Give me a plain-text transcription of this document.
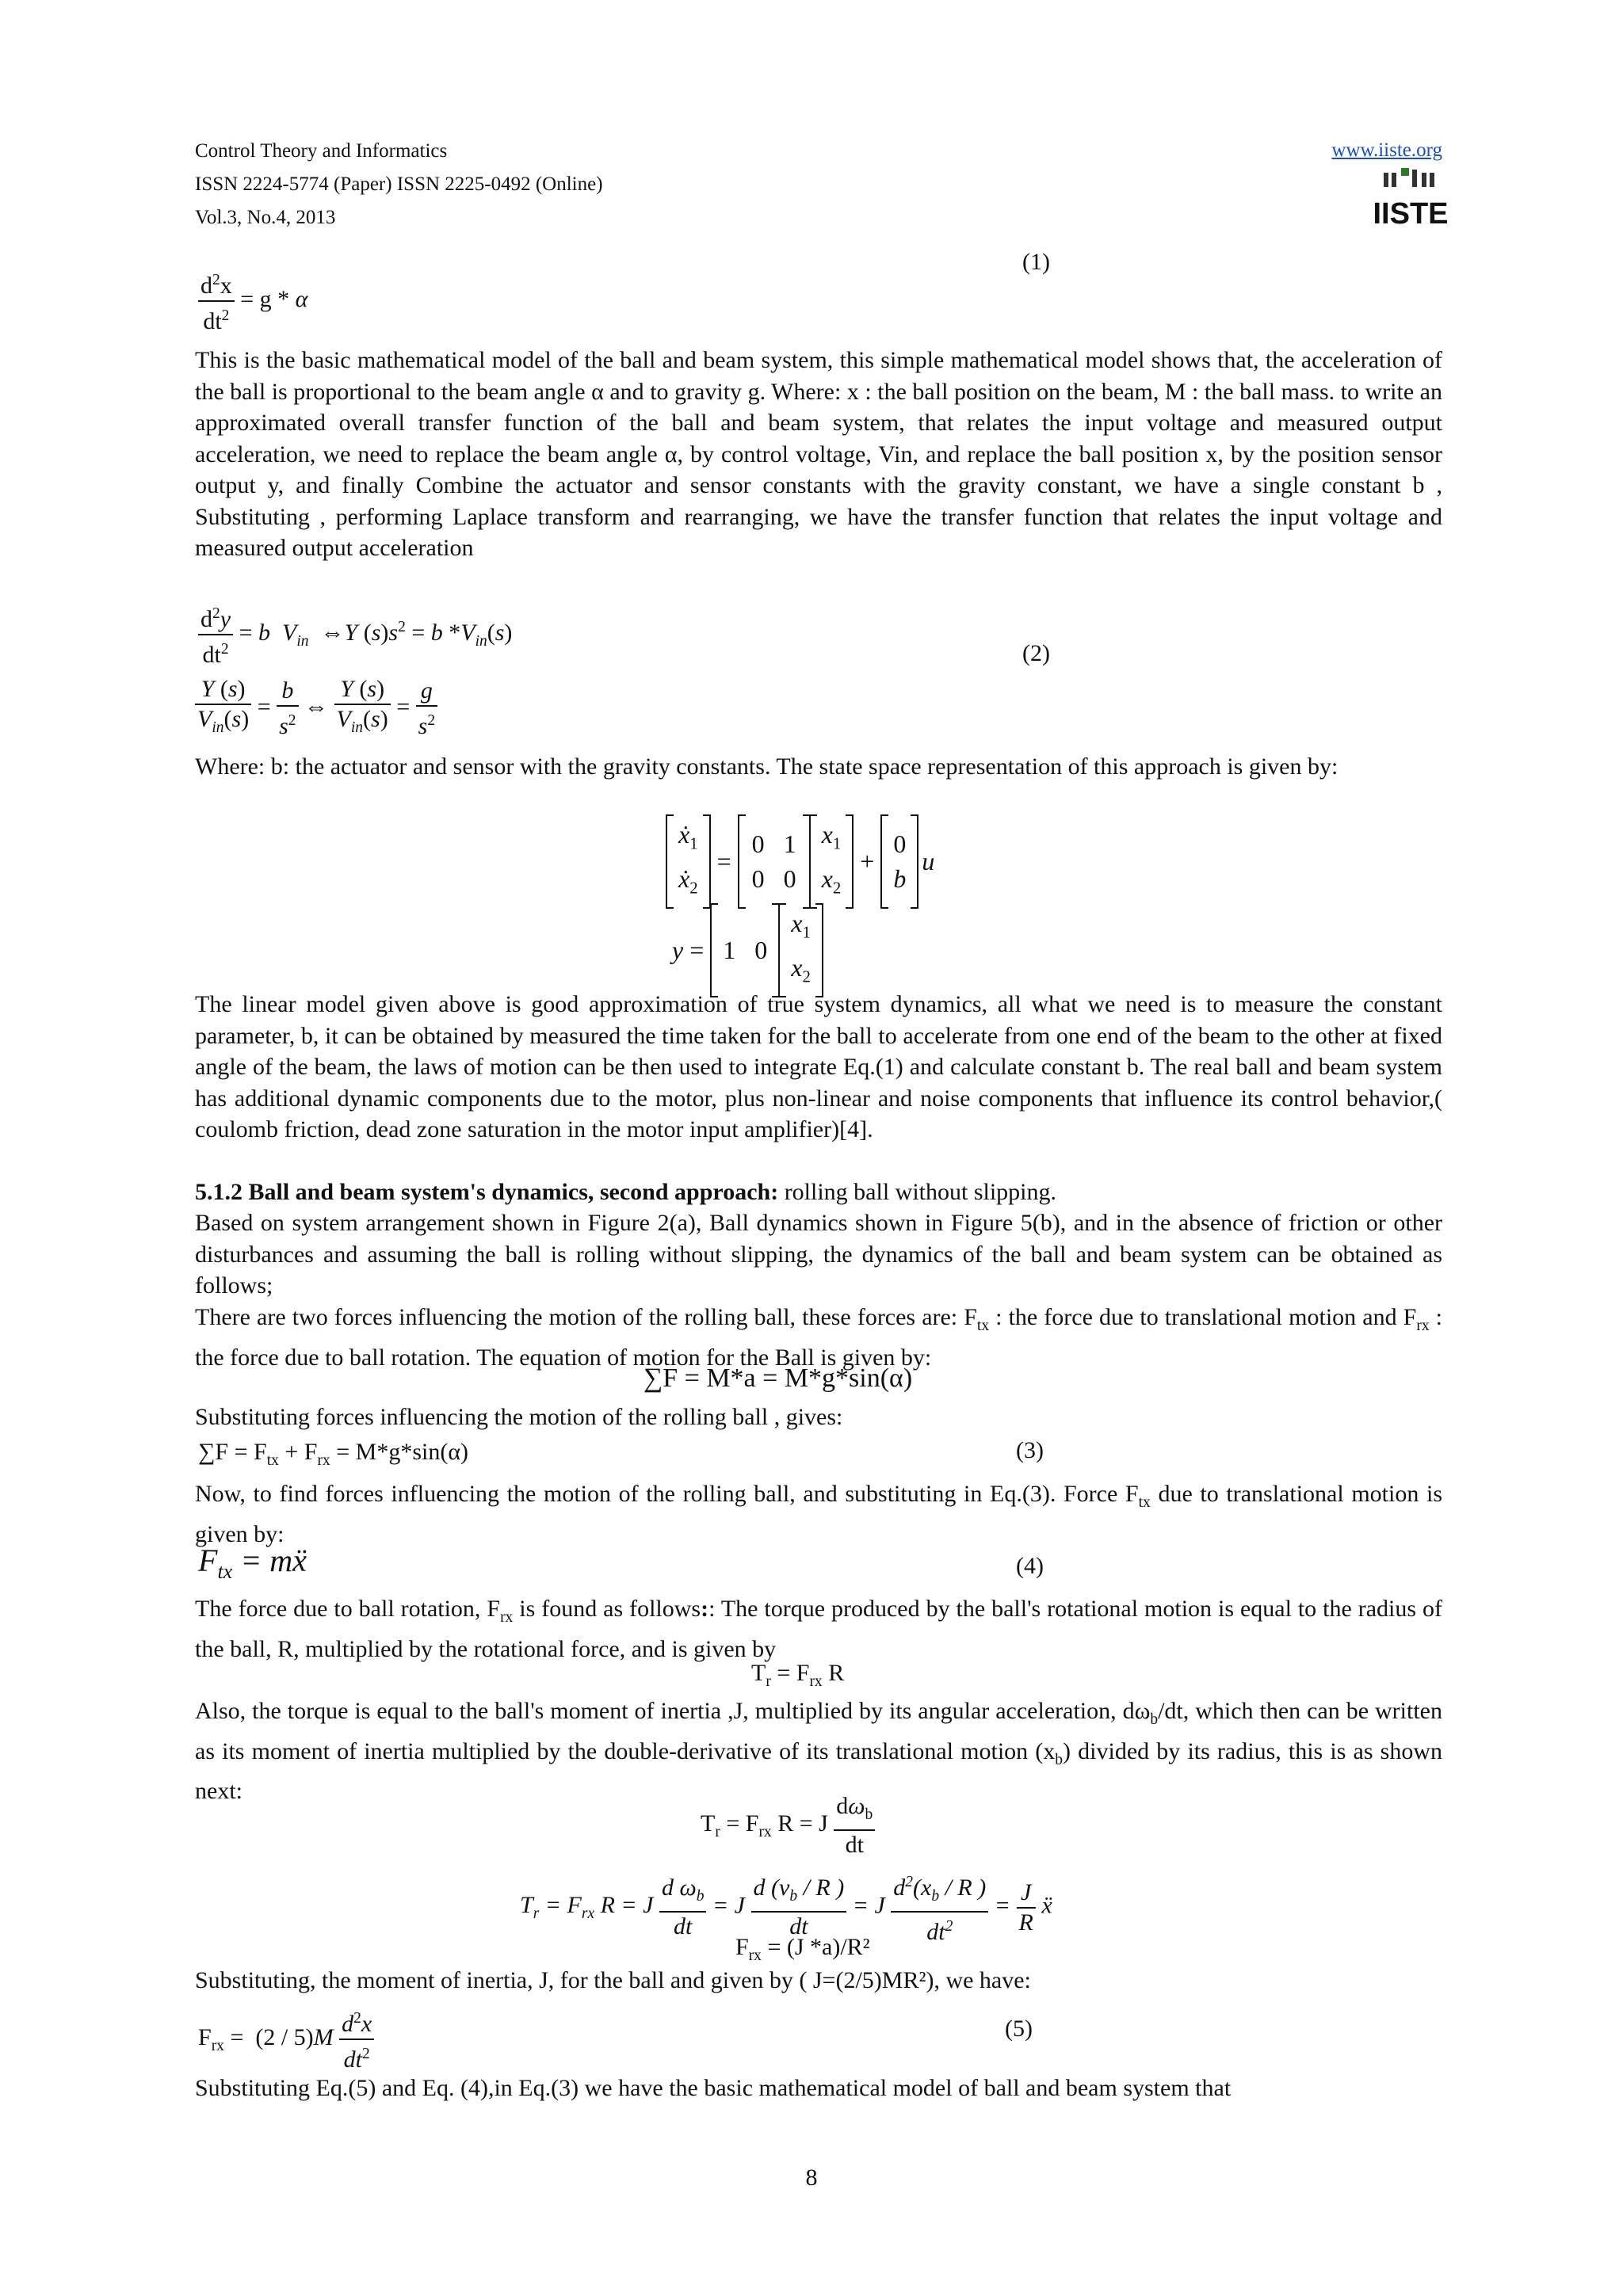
Control Theory and Informatics
ISSN 2224-5774 (Paper) ISSN 2225-0492 (Online)
Vol.3, No.4, 2013
www.iiste.org
IISTE
$\frac{d^2x}{dt^2} = g * \alpha$
(1)
This is the basic mathematical model of the ball and beam system, this simple mathematical model shows that, the acceleration of the ball is proportional to the beam angle α and to gravity g. Where: x : the ball position on the beam, M : the ball mass. to write an approximated overall transfer function of the ball and beam system, that relates the input voltage and measured output acceleration, we need to replace the beam angle α, by control voltage, Vin, and replace the ball position x, by the position sensor output y, and finally Combine the actuator and sensor constants with the gravity constant, we have a single constant b , Substituting , performing Laplace transform and rearranging, we have the transfer function that relates the input voltage and measured output acceleration
$\frac{d^2y}{dt^2} = b$ $V_{in}$  ⇔Y $(s)s^2 = b$ $*V_{in}(s)$
(2)
$\frac{Y (s)}{V_{in}(s)} = \frac{b}{s^2}$ ⇔ $\frac{Y (s)}{V_{in}(s)} = \frac{g}{s^2}$
Where: b: the actuator and sensor with the gravity constants. The state space representation of this approach is given by:
	ẋ$_1$
ẋ$_2$		=		0   1
0   0			$x_1$
$x_2$		+		0
b		u
y =		1   0			$x_1$
$x_2$	
The linear model given above is good approximation of true system dynamics, all what we need is to measure the constant parameter, b, it can be obtained by measured the time taken for the ball to accelerate from one end of the beam to the other at fixed angle of the beam, the laws of motion can be then used to integrate Eq.(1) and calculate constant b. The real ball and beam system has additional dynamic components due to the motor, plus non-linear and noise components that influence its control behavior,( coulomb friction, dead zone saturation in the motor input amplifier)[4].
5.1.2 Ball and beam system's dynamics, second approach: rolling ball without slipping.
Based on system arrangement shown in Figure 2(a), Ball dynamics shown in Figure 5(b), and in the absence of friction or other disturbances and assuming the ball is rolling without slipping, the dynamics of the ball and beam system can be obtained as follows;
There are two forces influencing the motion of the rolling ball, these forces are: $F_{tx}$ : the force due to translational motion and $F_{rx}$ : the force due to ball rotation. The equation of motion for the Ball is given by:
∑F = M*a = M*g*sin(α)
Substituting forces influencing the motion of the rolling ball , gives:
$\sum F = F_{tx} + F_{rx} = M*g*\sin(\alpha)$	(3)
Now, to find forces influencing the motion of the rolling ball, and substituting in Eq.(3). Force $F_{tx}$ due to translational motion is given by:
$F_{tx}$ = mẍ	(4)
The force due to ball rotation, $F_{rx}$ is found as follows:: The torque produced by the ball's rotational motion is equal to the radius of the ball, R, multiplied by the rotational force, and is given by
$T_r = F_{rx}$ R
Also, the torque is equal to the ball's moment of inertia ,J, multiplied by its angular acceleration, $d\omega_b/dt$, which then can be written as its moment of inertia multiplied by the double-derivative of its translational motion $(x_b)$ divided by its radius, this is as shown next:
$T_r = F_{rx}$ R = J $\frac{d\omega_b}{dt}$
$T_r = F_{rx}$ R = J $\frac{d \omega_b}{dt} = J \frac{d (v_b / R )}{dt} = J \frac{d^2(x_b / R )}{dt^2} = \frac{J}{R}$ ẍ
$F_{rx} = (J$ *a)/R²
Substituting, the moment of inertia, J, for the ball and given by ( J=(2/5)MR²), we have:
$F_{rx} = (2 / 5)M \frac{d^2x}{dt^2}$	(5)
Substituting Eq.(5) and Eq. (4),in Eq.(3) we have the basic mathematical model of ball and beam system that
8
